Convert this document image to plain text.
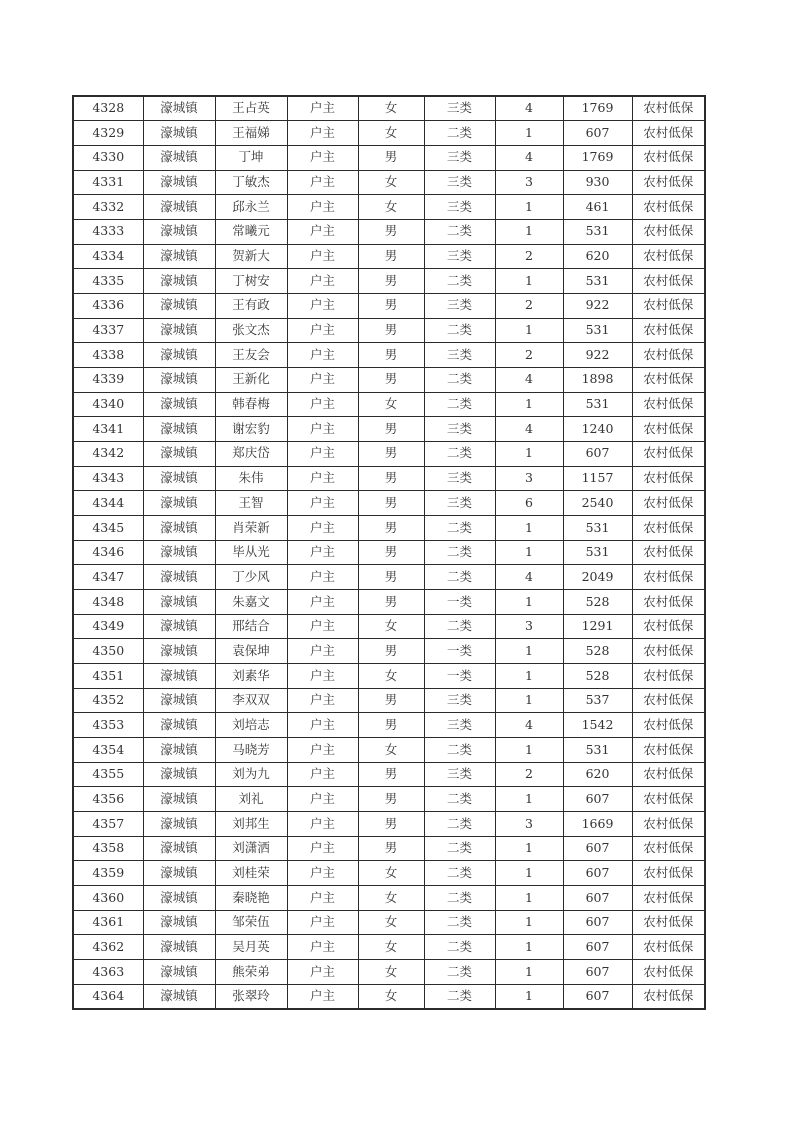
4328	濠城镇	王占英	户主	女	三类	4	1769	农村低保
4329	濠城镇	王福娣	户主	女	二类	1	607	农村低保
4330	濠城镇	丁坤	户主	男	三类	4	1769	农村低保
4331	濠城镇	丁敏杰	户主	女	三类	3	930	农村低保
4332	濠城镇	邱永兰	户主	女	三类	1	461	农村低保
4333	濠城镇	常曦元	户主	男	二类	1	531	农村低保
4334	濠城镇	贺新大	户主	男	三类	2	620	农村低保
4335	濠城镇	丁树安	户主	男	二类	1	531	农村低保
4336	濠城镇	王有政	户主	男	三类	2	922	农村低保
4337	濠城镇	张文杰	户主	男	二类	1	531	农村低保
4338	濠城镇	王友会	户主	男	三类	2	922	农村低保
4339	濠城镇	王新化	户主	男	二类	4	1898	农村低保
4340	濠城镇	韩春梅	户主	女	二类	1	531	农村低保
4341	濠城镇	谢宏豹	户主	男	三类	4	1240	农村低保
4342	濠城镇	郑庆岱	户主	男	二类	1	607	农村低保
4343	濠城镇	朱伟	户主	男	三类	3	1157	农村低保
4344	濠城镇	王智	户主	男	三类	6	2540	农村低保
4345	濠城镇	肖荣新	户主	男	二类	1	531	农村低保
4346	濠城镇	毕从光	户主	男	二类	1	531	农村低保
4347	濠城镇	丁少风	户主	男	二类	4	2049	农村低保
4348	濠城镇	朱嘉文	户主	男	一类	1	528	农村低保
4349	濠城镇	邢结合	户主	女	二类	3	1291	农村低保
4350	濠城镇	袁保坤	户主	男	一类	1	528	农村低保
4351	濠城镇	刘素华	户主	女	一类	1	528	农村低保
4352	濠城镇	李双双	户主	男	三类	1	537	农村低保
4353	濠城镇	刘培志	户主	男	三类	4	1542	农村低保
4354	濠城镇	马晓芳	户主	女	二类	1	531	农村低保
4355	濠城镇	刘为九	户主	男	三类	2	620	农村低保
4356	濠城镇	刘礼	户主	男	二类	1	607	农村低保
4357	濠城镇	刘邦生	户主	男	二类	3	1669	农村低保
4358	濠城镇	刘潇洒	户主	男	二类	1	607	农村低保
4359	濠城镇	刘桂荣	户主	女	二类	1	607	农村低保
4360	濠城镇	秦晓艳	户主	女	二类	1	607	农村低保
4361	濠城镇	邹荣伍	户主	女	二类	1	607	农村低保
4362	濠城镇	吴月英	户主	女	二类	1	607	农村低保
4363	濠城镇	熊荣弟	户主	女	二类	1	607	农村低保
4364	濠城镇	张翠玲	户主	女	二类	1	607	农村低保
